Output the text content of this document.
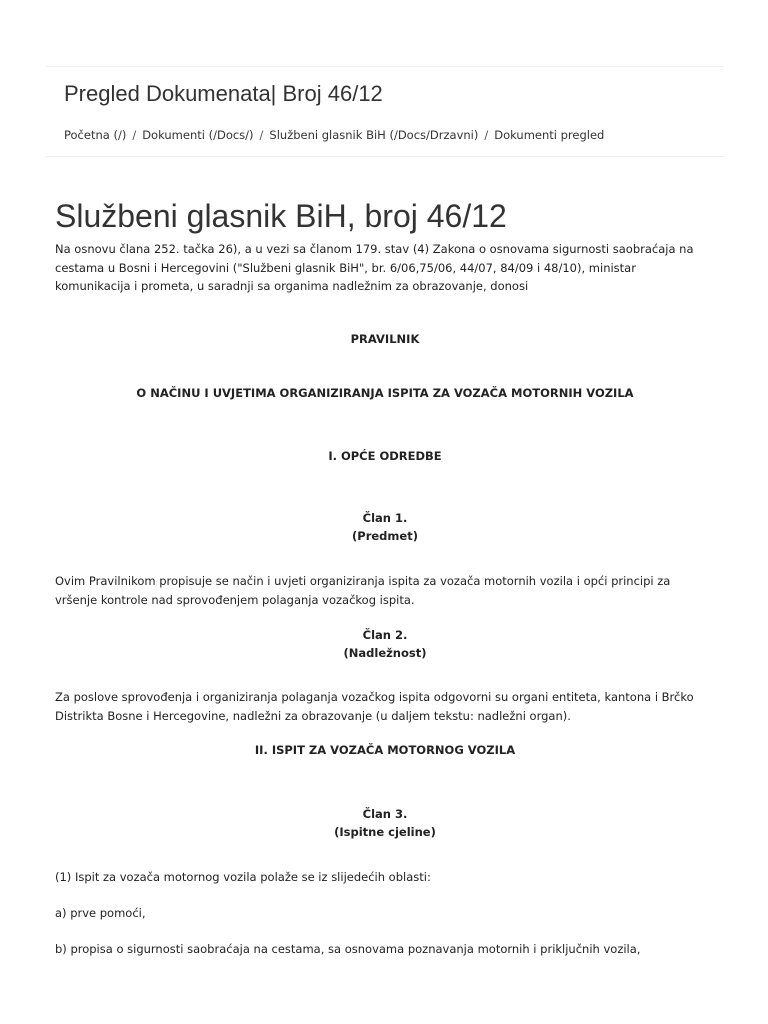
Pregled Dokumenata| Broj 46/12
Početna (/) / Dokumenti (/Docs/) / Službeni glasnik BiH (/Docs/Drzavni) / Dokumenti pregled
Službeni glasnik BiH, broj 46/12

Na osnovu člana 252. tačka 26), a u vezi sa članom 179. stav (4) Zakona o osnovama sigurnosti saobraćaja na cestama u Bosni i Hercegovini ("Službeni glasnik BiH", br. 6/06,75/06, 44/07, 84/09 i 48/10), ministar komunikacija i prometa, u saradnji sa organima nadležnim za obrazovanje, donosi

PRAVILNIK

O NAČINU I UVJETIMA ORGANIZIRANJA ISPITA ZA VOZAČA MOTORNIH VOZILA

I. OPĆE ODREDBE

Član 1.

(Predmet)

Ovim Pravilnikom propisuje se način i uvjeti organiziranja ispita za vozača motornih vozila i opći principi za vršenje kontrole nad sprovođenjem polaganja vozačkog ispita.

Član 2.

(Nadležnost)

Za poslove sprovođenja i organiziranja polaganja vozačkog ispita odgovorni su organi entiteta, kantona i Brčko Distrikta Bosne i Hercegovine, nadležni za obrazovanje (u daljem tekstu: nadležni organ).

II. ISPIT ZA VOZAČA MOTORNOG VOZILA

Član 3.

(Ispitne cjeline)

(1) Ispit za vozača motornog vozila polaže se iz slijedećih oblasti:

a) prve pomoći,

b) propisa o sigurnosti saobraćaja na cestama, sa osnovama poznavanja motornih i priključnih vozila,
